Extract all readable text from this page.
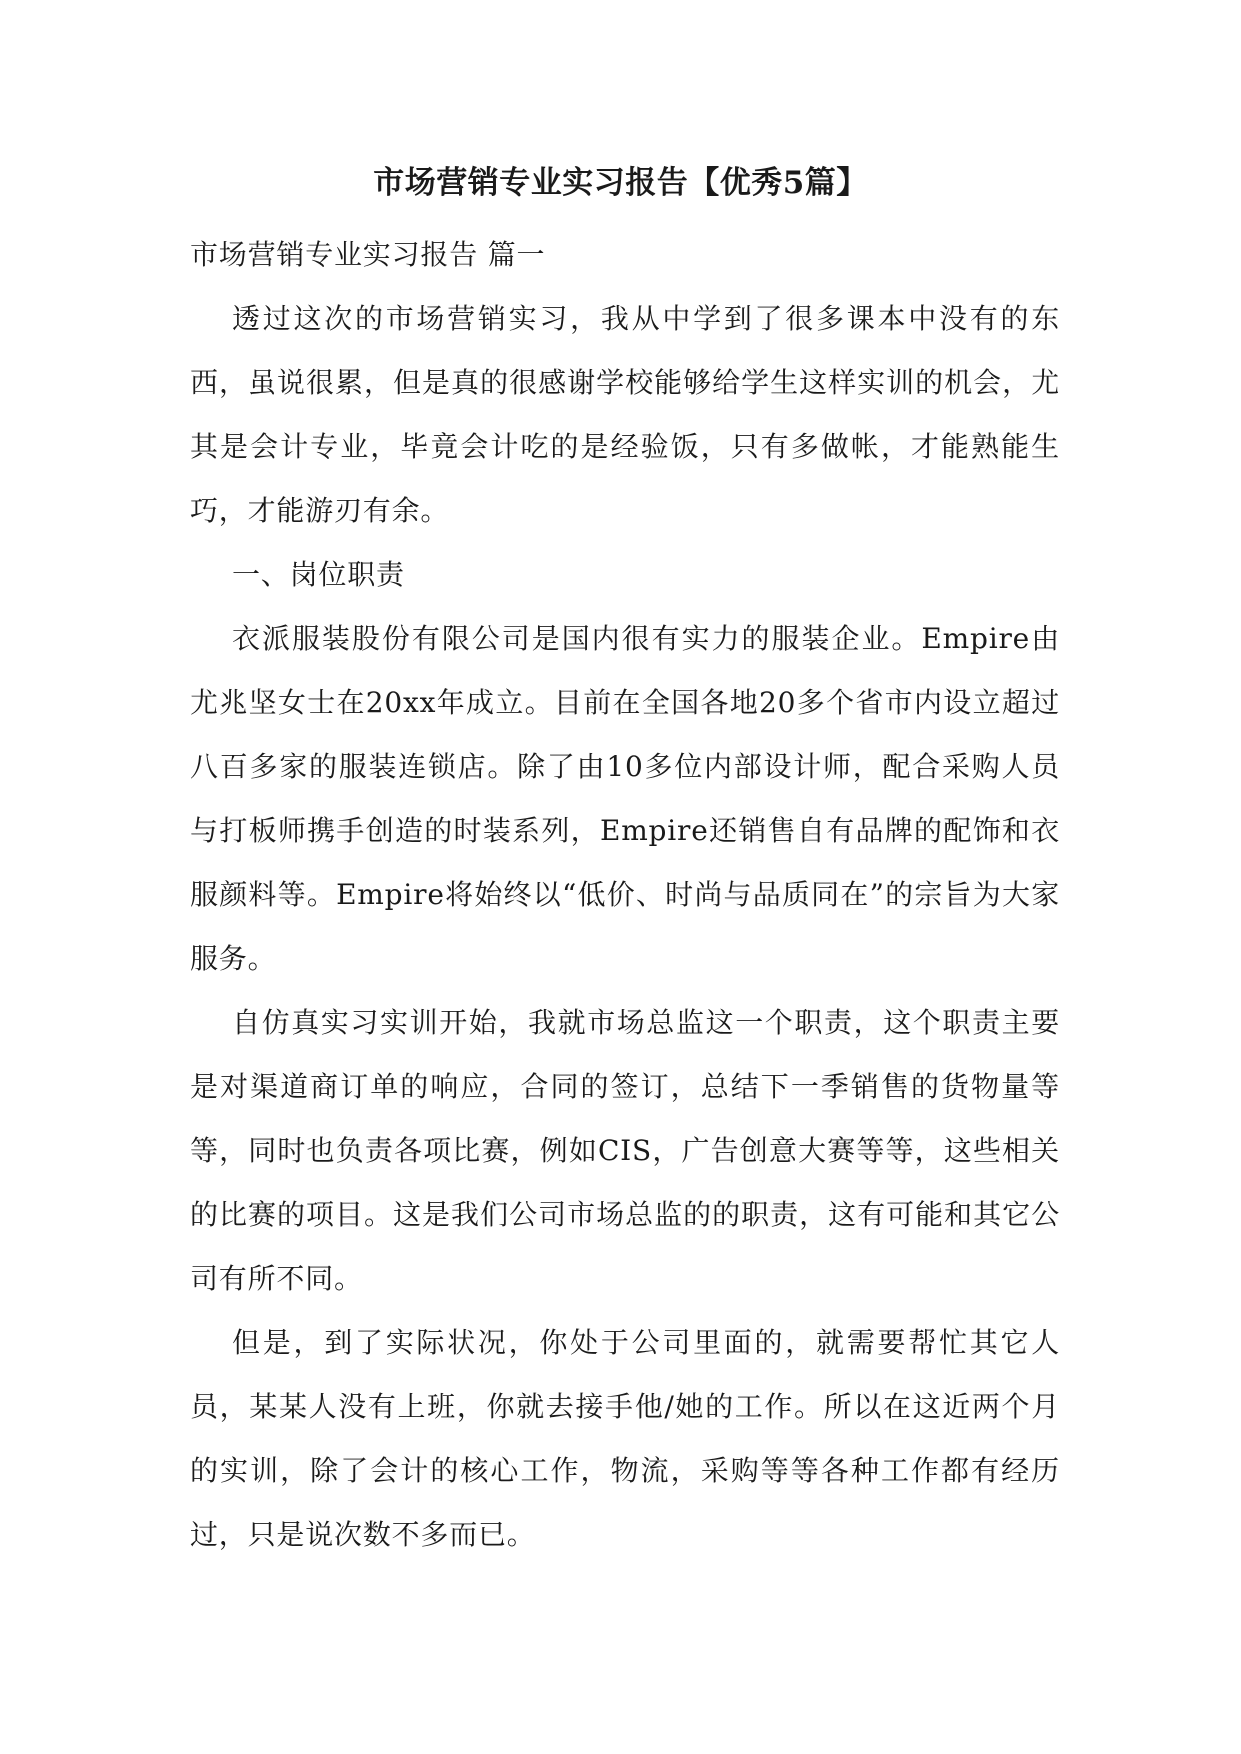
市场营销专业实习报告【优秀5篇】

市场营销专业实习报告 篇一

透过这次的市场营销实习，我从中学到了很多课本中没有的东西，虽说很累，但是真的很感谢学校能够给学生这样实训的机会，尤其是会计专业，毕竟会计吃的是经验饭，只有多做帐，才能熟能生巧，才能游刃有余。

一、岗位职责

衣派服装股份有限公司是国内很有实力的服装企业。Empire由尤兆坚女士在20xx年成立。目前在全国各地20多个省市内设立超过八百多家的服装连锁店。除了由10多位内部设计师，配合采购人员与打板师携手创造的时装系列，Empire还销售自有品牌的配饰和衣服颜料等。Empire将始终以“低价、时尚与品质同在”的宗旨为大家服务。

自仿真实习实训开始，我就市场总监这一个职责，这个职责主要是对渠道商订单的响应，合同的签订，总结下一季销售的货物量等等，同时也负责各项比赛，例如CIS，广告创意大赛等等，这些相关的比赛的项目。这是我们公司市场总监的的职责，这有可能和其它公司有所不同。

但是，到了实际状况，你处于公司里面的，就需要帮忙其它人员，某某人没有上班，你就去接手他/她的工作。所以在这近两个月的实训，除了会计的核心工作，物流，采购等等各种工作都有经历过，只是说次数不多而已。
